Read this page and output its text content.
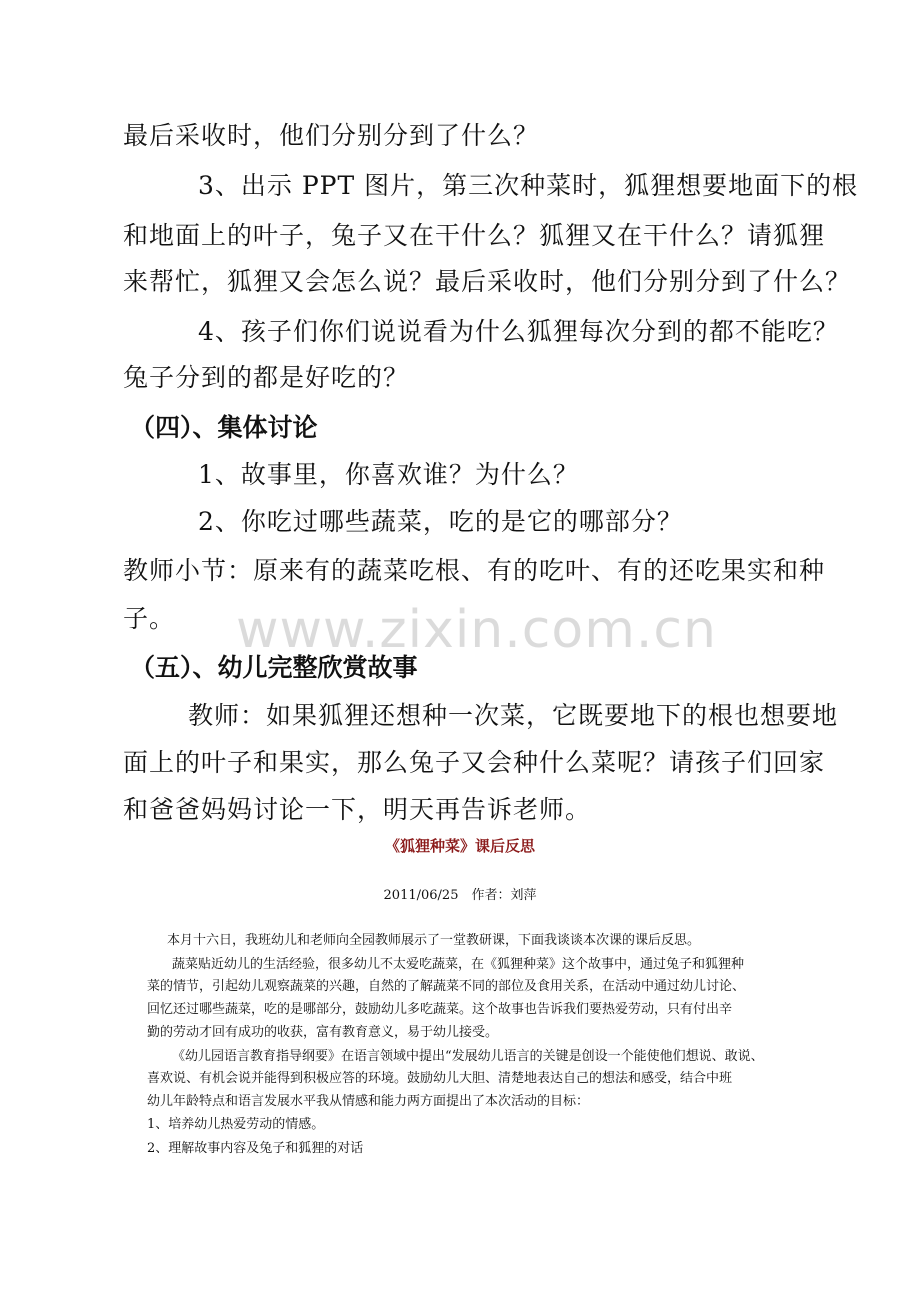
最后采收时，他们分别分到了什么？
3、出示 PPT 图片，第三次种菜时，狐狸想要地面下的根
和地面上的叶子，兔子又在干什么？狐狸又在干什么？请狐狸
来帮忙，狐狸又会怎么说？最后采收时，他们分别分到了什么？
4、孩子们你们说说看为什么狐狸每次分到的都不能吃？
兔子分到的都是好吃的？
（四）、集体讨论
1、故事里，你喜欢谁？为什么？
2、你吃过哪些蔬菜，吃的是它的哪部分？
教师小节：原来有的蔬菜吃根、有的吃叶、有的还吃果实和种
子。	www.zixin.com.cn
（五）、幼儿完整欣赏故事
教师：如果狐狸还想种一次菜，它既要地下的根也想要地
面上的叶子和果实，那么兔子又会种什么菜呢？请孩子们回家
和爸爸妈妈讨论一下，明天再告诉老师。
《狐狸种菜》课后反思
2011/06/25　作者：刘萍
本月十六日，我班幼儿和老师向全园教师展示了一堂教研课，下面我谈谈本次课的课后反思。
蔬菜贴近幼儿的生活经验，很多幼儿不太爱吃蔬菜，在《狐狸种菜》这个故事中，通过兔子和狐狸种
菜的情节，引起幼儿观察蔬菜的兴趣，自然的了解蔬菜不同的部位及食用关系，在活动中通过幼儿讨论、
回忆还过哪些蔬菜，吃的是哪部分，鼓励幼儿多吃蔬菜。这个故事也告诉我们要热爱劳动，只有付出辛
勤的劳动才回有成功的收获，富有教育意义，易于幼儿接受。
《幼儿园语言教育指导纲要》在语言领域中提出“发展幼儿语言的关键是创设一个能使他们想说、敢说、
喜欢说、有机会说并能得到积极应答的环境。鼓励幼儿大胆、清楚地表达自己的想法和感受，结合中班
幼儿年龄特点和语言发展水平我从情感和能力两方面提出了本次活动的目标：
1、培养幼儿热爱劳动的情感。
2、理解故事内容及兔子和狐狸的对话
